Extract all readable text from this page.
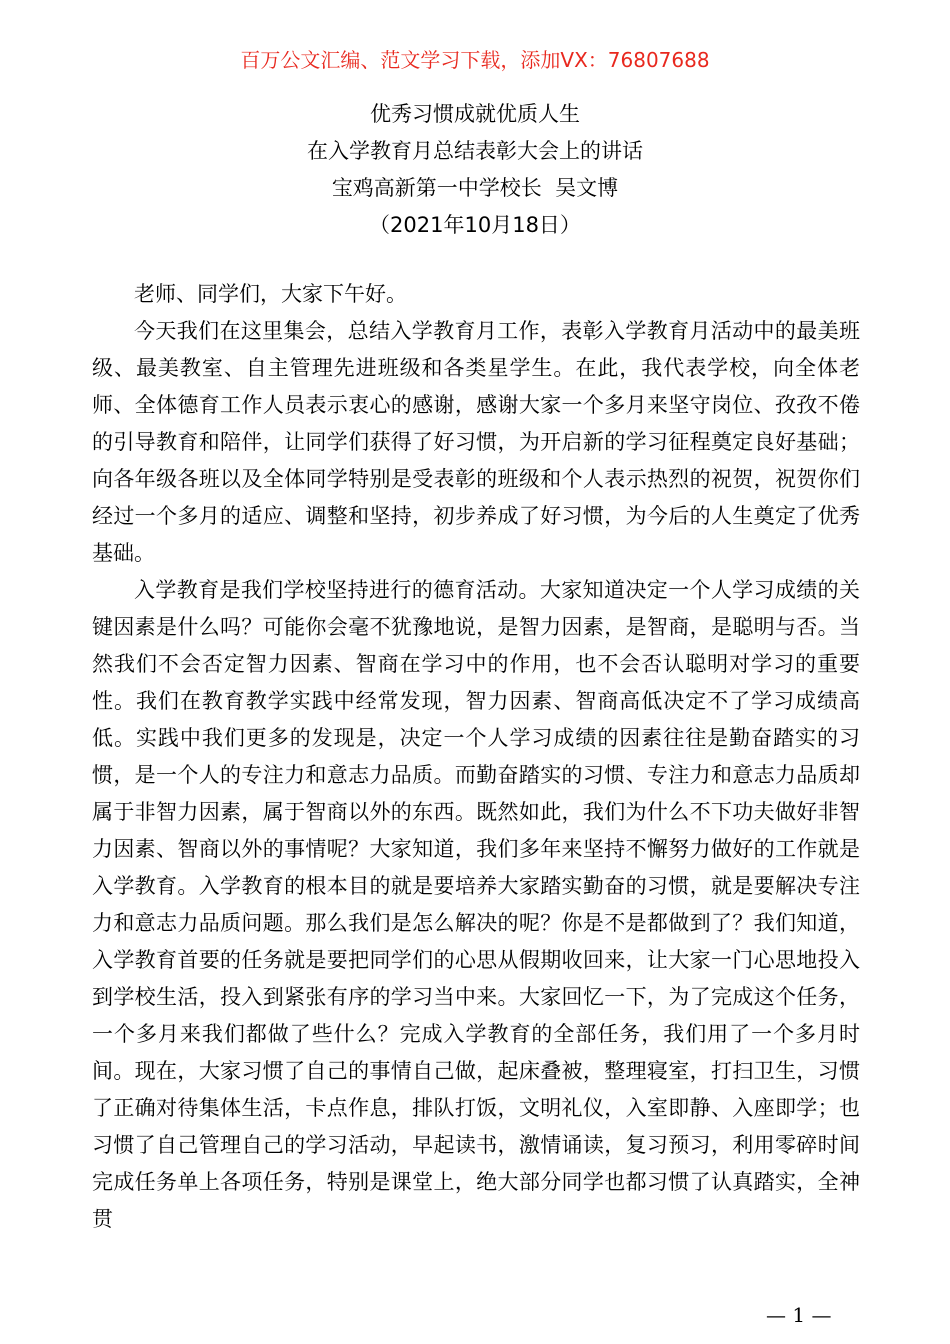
百万公文汇编、范文学习下载，添加VX：76807688
优秀习惯成就优质人生
在入学教育月总结表彰大会上的讲话
宝鸡高新第一中学校长  吴文博
（2021年10月18日）

老师、同学们，大家下午好。

今天我们在这里集会，总结入学教育月工作，表彰入学教育月活动中的最美班级、最美教室、自主管理先进班级和各类星学生。在此，我代表学校，向全体老师、全体德育工作人员表示衷心的感谢，感谢大家一个多月来坚守岗位、孜孜不倦的引导教育和陪伴，让同学们获得了好习惯，为开启新的学习征程奠定良好基础；向各年级各班以及全体同学特别是受表彰的班级和个人表示热烈的祝贺，祝贺你们经过一个多月的适应、调整和坚持，初步养成了好习惯，为今后的人生奠定了优秀基础。

入学教育是我们学校坚持进行的德育活动。大家知道决定一个人学习成绩的关键因素是什么吗？可能你会毫不犹豫地说，是智力因素，是智商，是聪明与否。当然我们不会否定智力因素、智商在学习中的作用，也不会否认聪明对学习的重要性。我们在教育教学实践中经常发现，智力因素、智商高低决定不了学习成绩高低。实践中我们更多的发现是，决定一个人学习成绩的因素往往是勤奋踏实的习惯，是一个人的专注力和意志力品质。而勤奋踏实的习惯、专注力和意志力品质却属于非智力因素，属于智商以外的东西。既然如此，我们为什么不下功夫做好非智力因素、智商以外的事情呢？大家知道，我们多年来坚持不懈努力做好的工作就是入学教育。入学教育的根本目的就是要培养大家踏实勤奋的习惯，就是要解决专注力和意志力品质问题。那么我们是怎么解决的呢？你是不是都做到了？我们知道，入学教育首要的任务就是要把同学们的心思从假期收回来，让大家一门心思地投入到学校生活，投入到紧张有序的学习当中来。大家回忆一下，为了完成这个任务，一个多月来我们都做了些什么？完成入学教育的全部任务，我们用了一个多月时间。现在，大家习惯了自己的事情自己做，起床叠被，整理寝室，打扫卫生，习惯了正确对待集体生活，卡点作息，排队打饭，文明礼仪，入室即静、入座即学；也习惯了自己管理自己的学习活动，早起读书，激情诵读，复习预习，利用零碎时间完成任务单上各项任务，特别是课堂上，绝大部分同学也都习惯了认真踏实，全神贯

— 1 —
